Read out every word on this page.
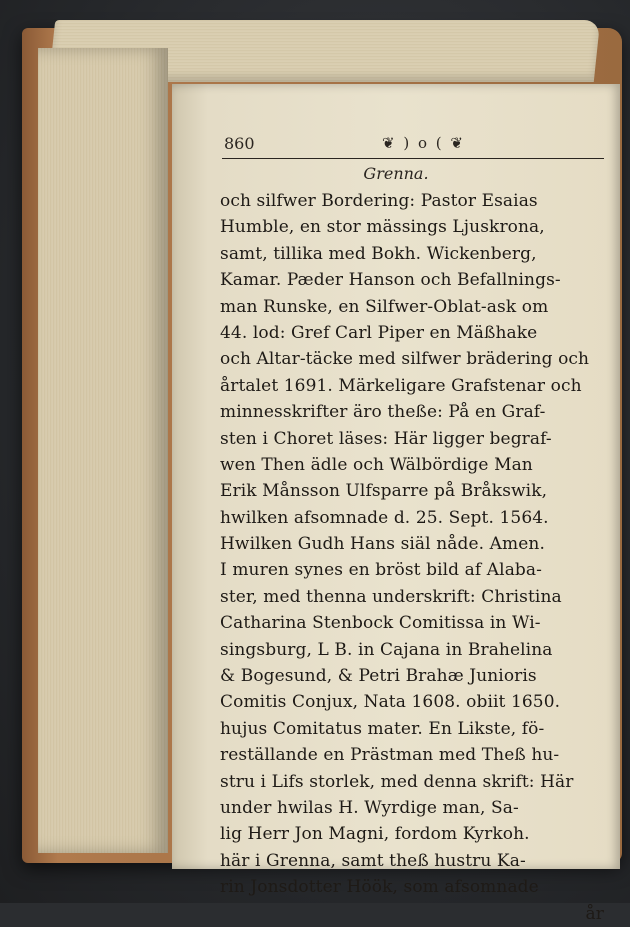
860	❦ ) o ( ❦
Grenna.
och silfwer Bordering: Pastor Esaias
Humble, en stor mässings Ljuskrona,
samt, tillika med Bokh. Wickenberg,
Kamar. Pæder Hanson och Befallnings-
man Runske, en Silfwer-Oblat-ask om
44. lod: Gref Carl Piper en Mäßhake
och Altar-täcke med silfwer brädering och
årtalet 1691. Märkeligare Grafstenar och
minnesskrifter äro theße: På en Graf-
sten i Choret läses: Här ligger begraf-
wen Then ädle och Wälbördige Man
Erik Månsson Ulfsparre på Bråkswik,
hwilken afsomnade d. 25. Sept. 1564.
Hwilken Gudh Hans siäl nåde. Amen.
I muren synes en bröst bild af Alaba-
ster, med thenna underskrift: Christina
Catharina Stenbock Comitissa in Wi-
singsburg, L B. in Cajana in Brahelina
& Bogesund, & Petri Brahæ Junioris
Comitis Conjux, Nata 1608. obiit 1650.
hujus Comitatus mater. En Likste, fö-
reställande en Prästman med Theß hu-
stru i Lifs storlek, med denna skrift: Här
under hwilas H. Wyrdige man, Sa-
lig Herr Jon Magni, fordom Kyrkoh.
här i Grenna, samt theß hustru Ka-
rin Jonsdotter Höök, som afsomnade
år
